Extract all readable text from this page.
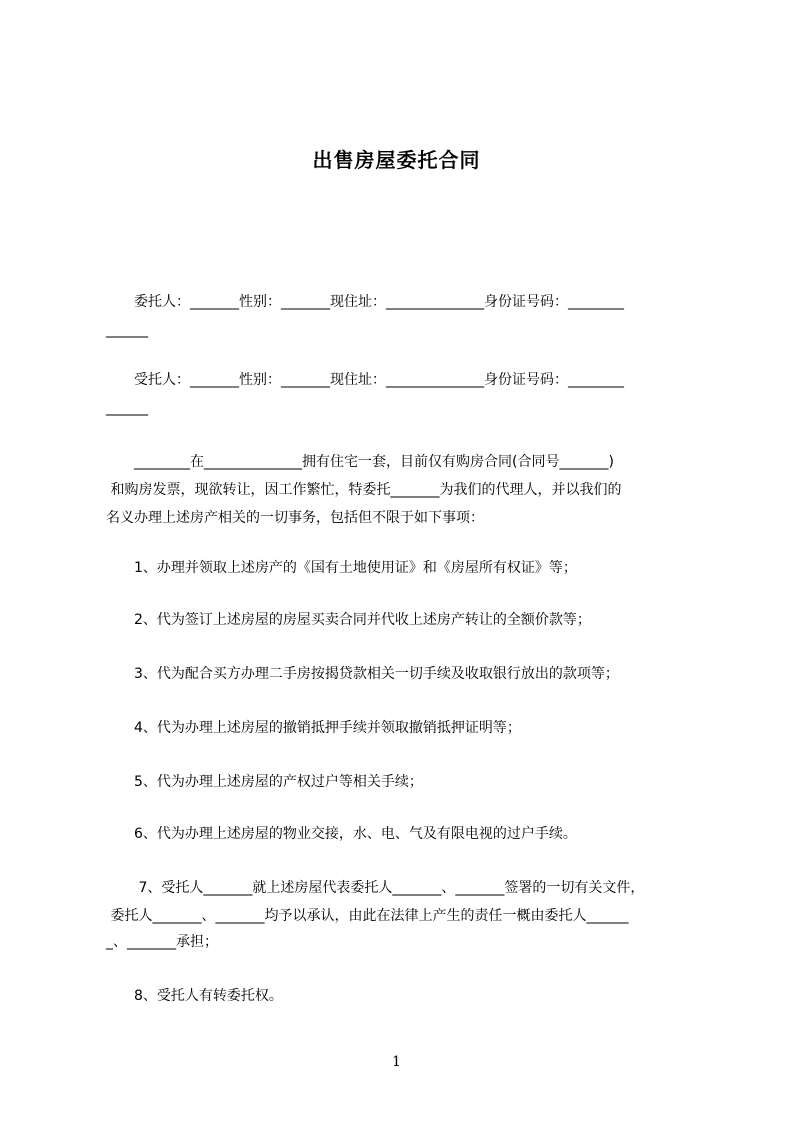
出售房屋委托合同

　　委托人：_______性别：_______现住址：______________身份证号码：________

______

　　受托人：_______性别：_______现住址：______________身份证号码：________

______

　　________在______________拥有住宅一套，目前仅有购房合同(合同号_______)

和购房发票，现欲转让，因工作繁忙，特委托_______为我们的代理人，并以我们的

名义办理上述房产相关的一切事务，包括但不限于如下事项：

　　1、办理并领取上述房产的《国有土地使用证》和《房屋所有权证》等；

　　2、代为签订上述房屋的房屋买卖合同并代收上述房产转让的全额价款等；

　　3、代为配合买方办理二手房按揭贷款相关一切手续及收取银行放出的款项等；

　　4、代为办理上述房屋的撤销抵押手续并领取撤销抵押证明等；

　　5、代为办理上述房屋的产权过户等相关手续；

　　6、代为办理上述房屋的物业交接，水、电、气及有限电视的过户手续。

　　 7、受托人_______就上述房屋代表委托人_______、_______签署的一切有关文件，

委托人_______、_______均予以承认，由此在法律上产生的责任一概由委托人______

_、_______承担；

　　8、受托人有转委托权。

1
